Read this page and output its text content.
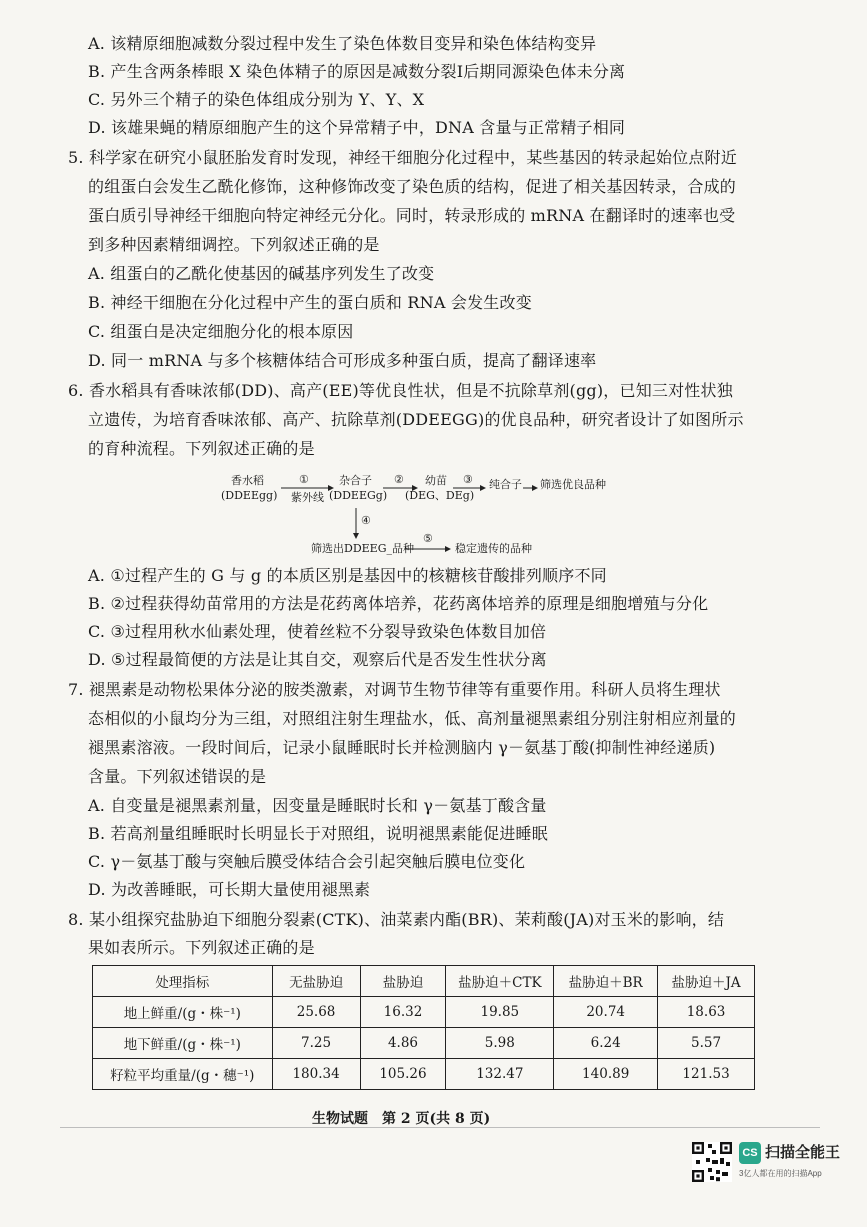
A. 该精原细胞减数分裂过程中发生了染色体数目变异和染色体结构变异
B. 产生含两条棒眼 X 染色体精子的原因是减数分裂Ⅰ后期同源染色体未分离
C. 另外三个精子的染色体组成分别为 Y、Y、X
D. 该雄果蝇的精原细胞产生的这个异常精子中，DNA 含量与正常精子相同
5. 科学家在研究小鼠胚胎发育时发现，神经干细胞分化过程中，某些基因的转录起始位点附近
的组蛋白会发生乙酰化修饰，这种修饰改变了染色质的结构，促进了相关基因转录，合成的
蛋白质引导神经干细胞向特定神经元分化。同时，转录形成的 mRNA 在翻译时的速率也受
到多种因素精细调控。下列叙述正确的是
A. 组蛋白的乙酰化使基因的碱基序列发生了改变
B. 神经干细胞在分化过程中产生的蛋白质和 RNA 会发生改变
C. 组蛋白是决定细胞分化的根本原因
D. 同一 mRNA 与多个核糖体结合可形成多种蛋白质，提高了翻译速率
6. 香水稻具有香味浓郁(DD)、高产(EE)等优良性状，但是不抗除草剂(gg)，已知三对性状独
立遗传，为培育香味浓郁、高产、抗除草剂(DDEEGG)的优良品种，研究者设计了如图所示
的育种流程。下列叙述正确的是
香水稻
(DDEEgg)
①
紫外线
杂合子
(DDEEGg)
② 幼苗
(DEG、DEg)
③ 纯合子 筛选优良品种
④
筛选出DDEEG_品种
⑤
稳定遗传的品种
A. ①过程产生的 G 与 g 的本质区别是基因中的核糖核苷酸排列顺序不同
B. ②过程获得幼苗常用的方法是花药离体培养，花药离体培养的原理是细胞增殖与分化
C. ③过程用秋水仙素处理，使着丝粒不分裂导致染色体数目加倍
D. ⑤过程最简便的方法是让其自交，观察后代是否发生性状分离
7. 褪黑素是动物松果体分泌的胺类激素，对调节生物节律等有重要作用。科研人员将生理状
态相似的小鼠均分为三组，对照组注射生理盐水，低、高剂量褪黑素组分别注射相应剂量的
褪黑素溶液。一段时间后，记录小鼠睡眠时长并检测脑内 γ－氨基丁酸(抑制性神经递质)
含量。下列叙述错误的是
A. 自变量是褪黑素剂量，因变量是睡眠时长和 γ－氨基丁酸含量
B. 若高剂量组睡眠时长明显长于对照组，说明褪黑素能促进睡眠
C. γ－氨基丁酸与突触后膜受体结合会引起突触后膜电位变化
D. 为改善睡眠，可长期大量使用褪黑素
8. 某小组探究盐胁迫下细胞分裂素(CTK)、油菜素内酯(BR)、茉莉酸(JA)对玉米的影响，结
果如表所示。下列叙述正确的是
处理指标	无盐胁迫	盐胁迫	盐胁迫＋CTK	盐胁迫＋BR	盐胁迫＋JA
地上鲜重/(g・株⁻¹)	25.68	16.32	19.85	20.74	18.63
地下鲜重/(g・株⁻¹)	7.25	4.86	5.98	6.24	5.57
籽粒平均重量/(g・穗⁻¹)	180.34	105.26	132.47	140.89	121.53
生物试题　第 2 页(共 8 页)
CS 扫描全能王
3亿人都在用的扫描App
